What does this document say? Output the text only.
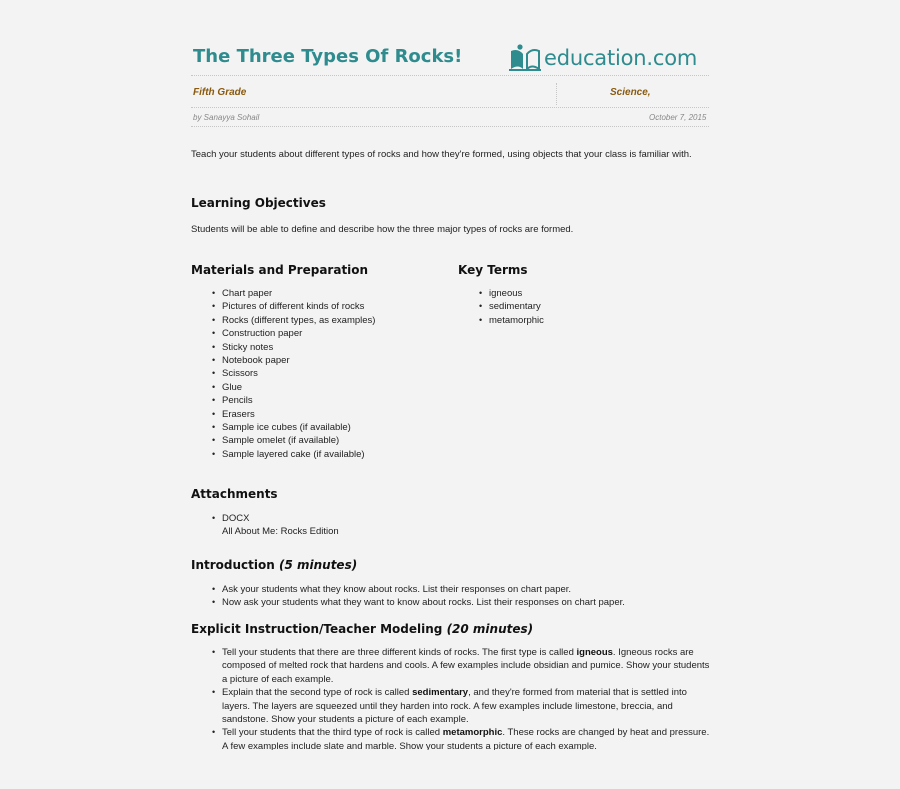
The Three Types Of Rocks!	education.com
Fifth Grade	Science,
by Sanayya Sohail	October 7, 2015

Teach your students about different types of rocks and how they're formed, using objects that your class is familiar with.

Learning Objectives

Students will be able to define and describe how the three major types of rocks are formed.

Materials and Preparation
• Chart paper
• Pictures of different kinds of rocks
• Rocks (different types, as examples)
• Construction paper
• Sticky notes
• Notebook paper
• Scissors
• Glue
• Pencils
• Erasers
• Sample ice cubes (if available)
• Sample omelet (if available)
• Sample layered cake (if available)
Key Terms
• igneous
• sedimentary
• metamorphic
Attachments
• DOCX
All About Me: Rocks Edition
Introduction (5 minutes)
• Ask your students what they know about rocks. List their responses on chart paper.
• Now ask your students what they want to know about rocks. List their responses on chart paper.
Explicit Instruction/Teacher Modeling (20 minutes)
• Tell your students that there are three different kinds of rocks. The first type is called igneous. Igneous rocks are composed of melted rock that hardens and cools. A few examples include obsidian and pumice. Show your students a picture of each example.
• Explain that the second type of rock is called sedimentary, and they're formed from material that is settled into layers. The layers are squeezed until they harden into rock. A few examples include limestone, breccia, and sandstone. Show your students a picture of each example.
• Tell your students that the third type of rock is called metamorphic. These rocks are changed by heat and pressure. A few examples include slate and marble. Show your students a picture of each example.
